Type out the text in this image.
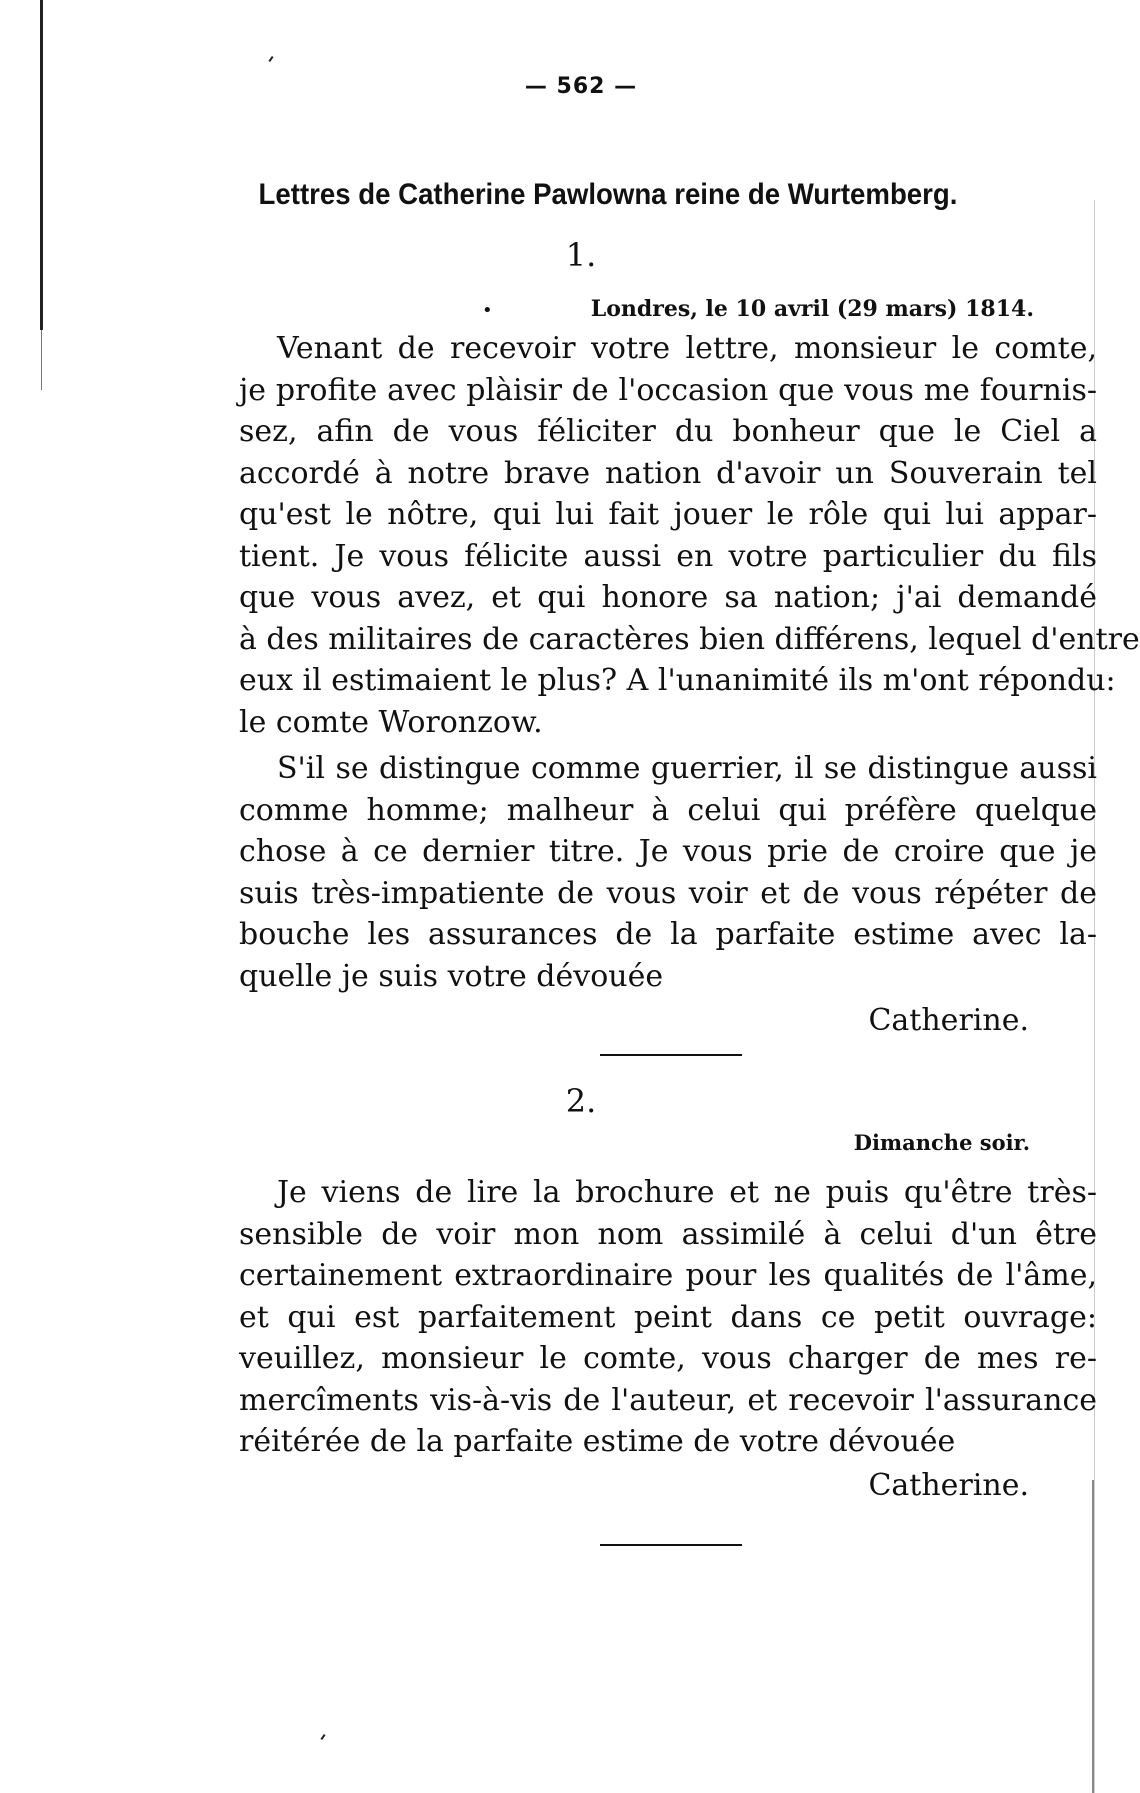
— 562 —
Lettres de Catherine Pawlowna reine de Wurtemberg.
1.
•	Londres, le 10 avril (29 mars) 1814.
Venant de recevoir votre lettre, monsieur le comte,
je profite avec plàisir de l'occasion que vous me fournis-
sez, afin de vous féliciter du bonheur que le Ciel a
accordé à notre brave nation d'avoir un Souverain tel
qu'est le nôtre, qui lui fait jouer le rôle qui lui appar-
tient. Je vous félicite aussi en votre particulier du fils
que vous avez, et qui honore sa nation; j'ai demandé
à des militaires de caractères bien différens, lequel d'entre
eux il estimaient le plus? A l'unanimité ils m'ont répondu:
le comte Woronzow.
S'il se distingue comme guerrier, il se distingue aussi
comme homme; malheur à celui qui préfère quelque
chose à ce dernier titre. Je vous prie de croire que je
suis très-impatiente de vous voir et de vous répéter de
bouche les assurances de la parfaite estime avec la-
quelle je suis votre dévouée
Catherine.
2.
Dimanche soir.
Je viens de lire la brochure et ne puis qu'être très-
sensible de voir mon nom assimilé à celui d'un être
certainement extraordinaire pour les qualités de l'âme,
et qui est parfaitement peint dans ce petit ouvrage:
veuillez, monsieur le comte, vous charger de mes re-
mercîments vis-à-vis de l'auteur, et recevoir l'assurance
réitérée de la parfaite estime de votre dévouée
Catherine.
